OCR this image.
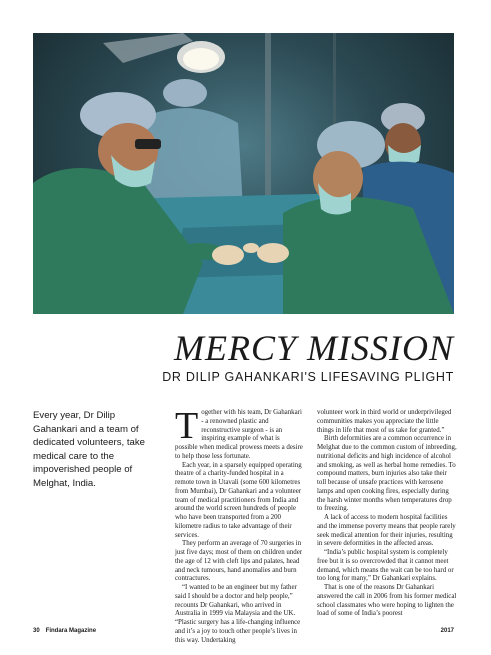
MERCY MISSION
DR DILIP GAHANKARI'S LIFESAVING PLIGHT
Every year, Dr Dilip Gahankari and a team of dedicated volunteers, take medical care to the impoverished people of Melghat, India.
T ogether with his team, Dr Gahankari - a renowned plastic and reconstructive surgeon - is an inspiring example of what is possible when medical prowess meets a desire to help those less fortunate.

Each year, in a sparsely equipped operating theatre of a charity-funded hospital in a remote town in Utavali (some 600 kilometres from Mumbai), Dr Gahankari and a volunteer team of medical practitioners from India and around the world screen hundreds of people who have been transported from a 200 kilometre radius to take advantage of their services.

They perform an average of 70 surgeries in just five days; most of them on children under the age of 12 with cleft lips and palates, head and neck tumours, hand anomalies and burn contractures.

“I wanted to be an engineer but my father said I should be a doctor and help people,” recounts Dr Gahankari, who arrived in Australia in 1999 via Malaysia and the UK. “Plastic surgery has a life-changing influence and it’s a joy to touch other people’s lives in this way. Undertaking

volunteer work in third world or underprivileged communities makes you appreciate the little things in life that most of us take for granted.”

Birth deformities are a common occurrence in Melghat due to the common custom of inbreeding, nutritional deficits and high incidence of alcohol and smoking, as well as herbal home remedies. To compound matters, burn injuries also take their toll because of unsafe practices with kerosene lamps and open cooking fires, especially during the harsh winter months when temperatures drop to freezing.

A lack of access to modern hospital facilities and the immense poverty means that people rarely seek medical attention for their injuries, resulting in severe deformities in the affected areas.

“India’s public hospital system is completely free but it is so overcrowded that it cannot meet demand, which means the wait can be too hard or too long for many,” Dr Gahankari explains.

That is one of the reasons Dr Gahankari answered the call in 2006 from his former medical school classmates who were hoping to lighten the load of some of India’s poorest

30 Findara Magazine	2017
